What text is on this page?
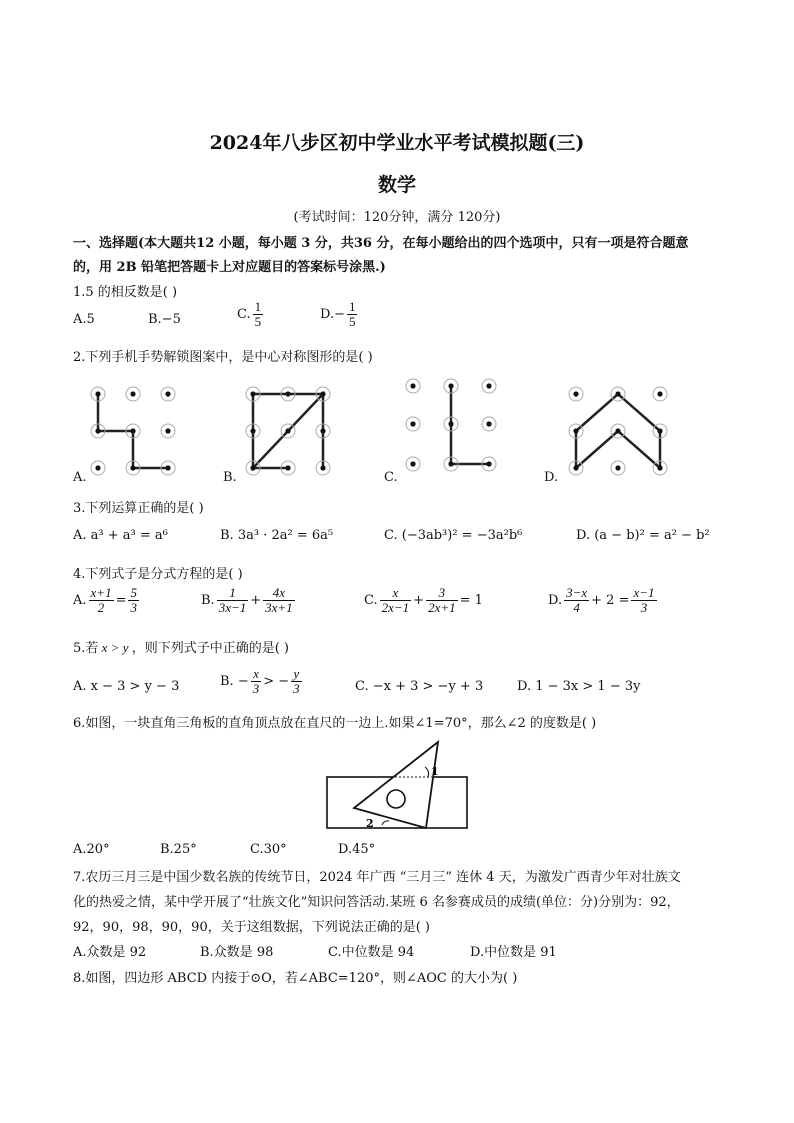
2024年八步区初中学业水平考试模拟题(三)
数学
(考试时间：120分钟，满分 120分)
一、选择题(本大题共12 小题，每小题 3 分，共36 分，在每小题给出的四个选项中，只有一项是符合题意
的，用 2B 铅笔把答题卡上对应题目的答案标号涂黑.)
1.5 的相反数是( )
A.5	B.−5	C. $\frac{1}{5}$	$D.- \frac{1}{5}$
2.下列手机手势解锁图案中，是中心对称图形的是( )
A.	B.	C.	D.
3.下列运算正确的是( )
A. a³ + a³ = a⁶	B. 3a³ · 2a² = 6a⁵	C. (−3ab³)² = −3a²b⁶	D. (a − b)² = a² − b²
4.下列式子是分式方程的是( )
A. $\frac{x+1}{2} = \frac{5}{3}$	B. $\frac{1}{3x-1} + \frac{4x}{3x+1}$	C. $\frac{x}{2x-1} + \frac{3}{2x+1} = 1$	D. $\frac{3-x}{4} + 2 = \frac{x-1}{3}$
5.若 x > y ，则下列式子中正确的是( )
A. x − 3 > y − 3	B. − $\frac{x}{3}$ > − $\frac{y}{3}$	C. −x + 3 > −y + 3	D. 1 − 3x > 1 − 3y
6.如图，一块直角三角板的直角顶点放在直尺的一边上.如果∠1=70°，那么∠2 的度数是( )
1
2
A.20°	B.25°	C.30°	D.45°
7.农历三月三是中国少数名族的传统节日，2024 年广西 “三月三” 连休 4 天，为激发广西青少年对壮族文
化的热爱之情，某中学开展了“壮族文化”知识问答活动.某班 6 名参赛成员的成绩(单位：分)分别为：92，
92，90，98，90，90，关于这组数据，下列说法正确的是( )
A.众数是 92	B.众数是 98	C.中位数是 94	D.中位数是 91
8.如图，四边形 ABCD 内接于⊙O，若∠ABC=120°，则∠AOC 的大小为( )
